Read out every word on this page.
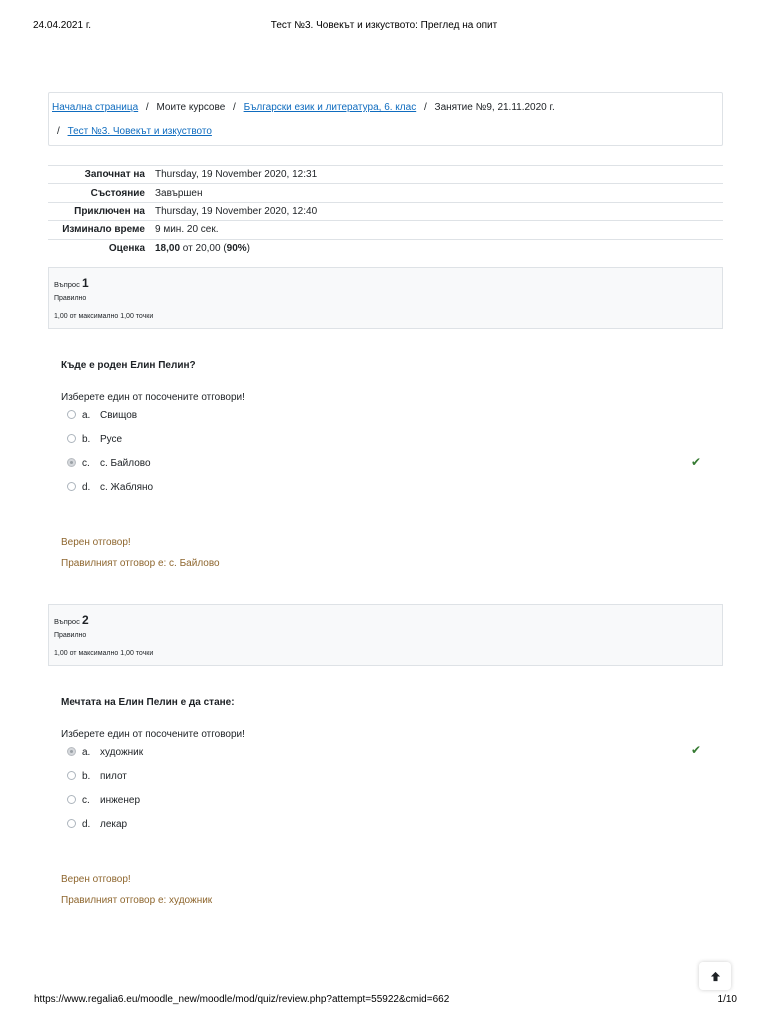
24.04.2021 г.	Тест №3. Човекът и изкуството: Преглед на опит
Начална страница / Моите курсове / Български език и литература, 6. клас / Занятие №9, 21.11.2020 г.
/ Тест №3. Човекът и изкуството
Започнат на	Thursday, 19 November 2020, 12:31
Състояние	Завършен
Приключен на	Thursday, 19 November 2020, 12:40
Изминало време	9 мин. 20 сек.
Оценка	18,00 от 20,00 (90%)
Въпрос 1
Правилно
1,00 от максимално 1,00 точки
Къде е роден Елин Пелин?
Изберете един от посочените отговори!
a. Свищов
b. Русе
c. с. Байлово
d. с. Жабляно
✔
Верен отговор!
Правилният отговор е: с. Байлово
Въпрос 2
Правилно
1,00 от максимално 1,00 точки
Мечтата на Елин Пелин е да стане:
Изберете един от посочените отговори!
a. художник
b. пилот
c. инженер
d. лекар
✔
Верен отговор!
Правилният отговор е: художник
https://www.regalia6.eu/moodle_new/moodle/mod/quiz/review.php?attempt=55922&cmid=662	1/10
